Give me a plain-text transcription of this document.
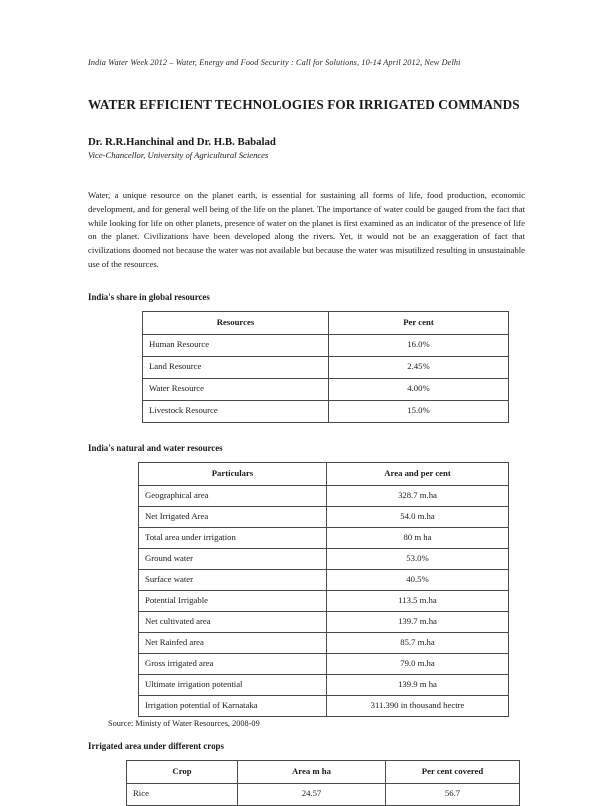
India Water Week 2012 – Water, Energy and Food Security : Call for Solutions, 10-14 April 2012, New Delhi
WATER EFFICIENT TECHNOLOGIES FOR IRRIGATED COMMANDS
Dr. R.R.Hanchinal and Dr. H.B. Babalad
Vice-Chancellor, University of Agricultural Sciences

Water, a unique resource on the planet earth, is essential for sustaining all forms of life, food production, economic development, and for general well being of the life on the planet. The importance of water could be gauged from the fact that while looking for life on other planets, presence of water on the planet is first examined as an indicator of the presence of life on the planet. Civilizations have been developed along the rivers. Yet, it would not be an exaggeration of fact that civilizations doomed not because the water was not available but because the water was misutilized resulting in unsustainable use of the resources.

India's share in global resources
Resources	Per cent
Human Resource	16.0%
Land Resource	2.45%
Water Resource	4.00%
Livestock Resource	15.0%
India's natural and water resources
Particulars	Area and per cent
Geographical area	328.7 m.ha
Net Irrigated Area	54.0 m.ha
Total area under irrigation	80 m ha
Ground water	53.0%
Surface water	40.5%
Potential Irrigable	113.5 m.ha
Net cultivated area	139.7 m.ha
Net Rainfed area	85.7 m.ha
Gross irrigated area	79.0 m.ha
Ultimate irrigation potential	139.9 m ha
Irrigation potential of Karnataka	311.390 in thousand hectre
Source: Ministy of Water Resources, 2008-09
Irrigated area under different crops
Crop	Area m ha	Per cent covered
Rice	24.57	56.7
